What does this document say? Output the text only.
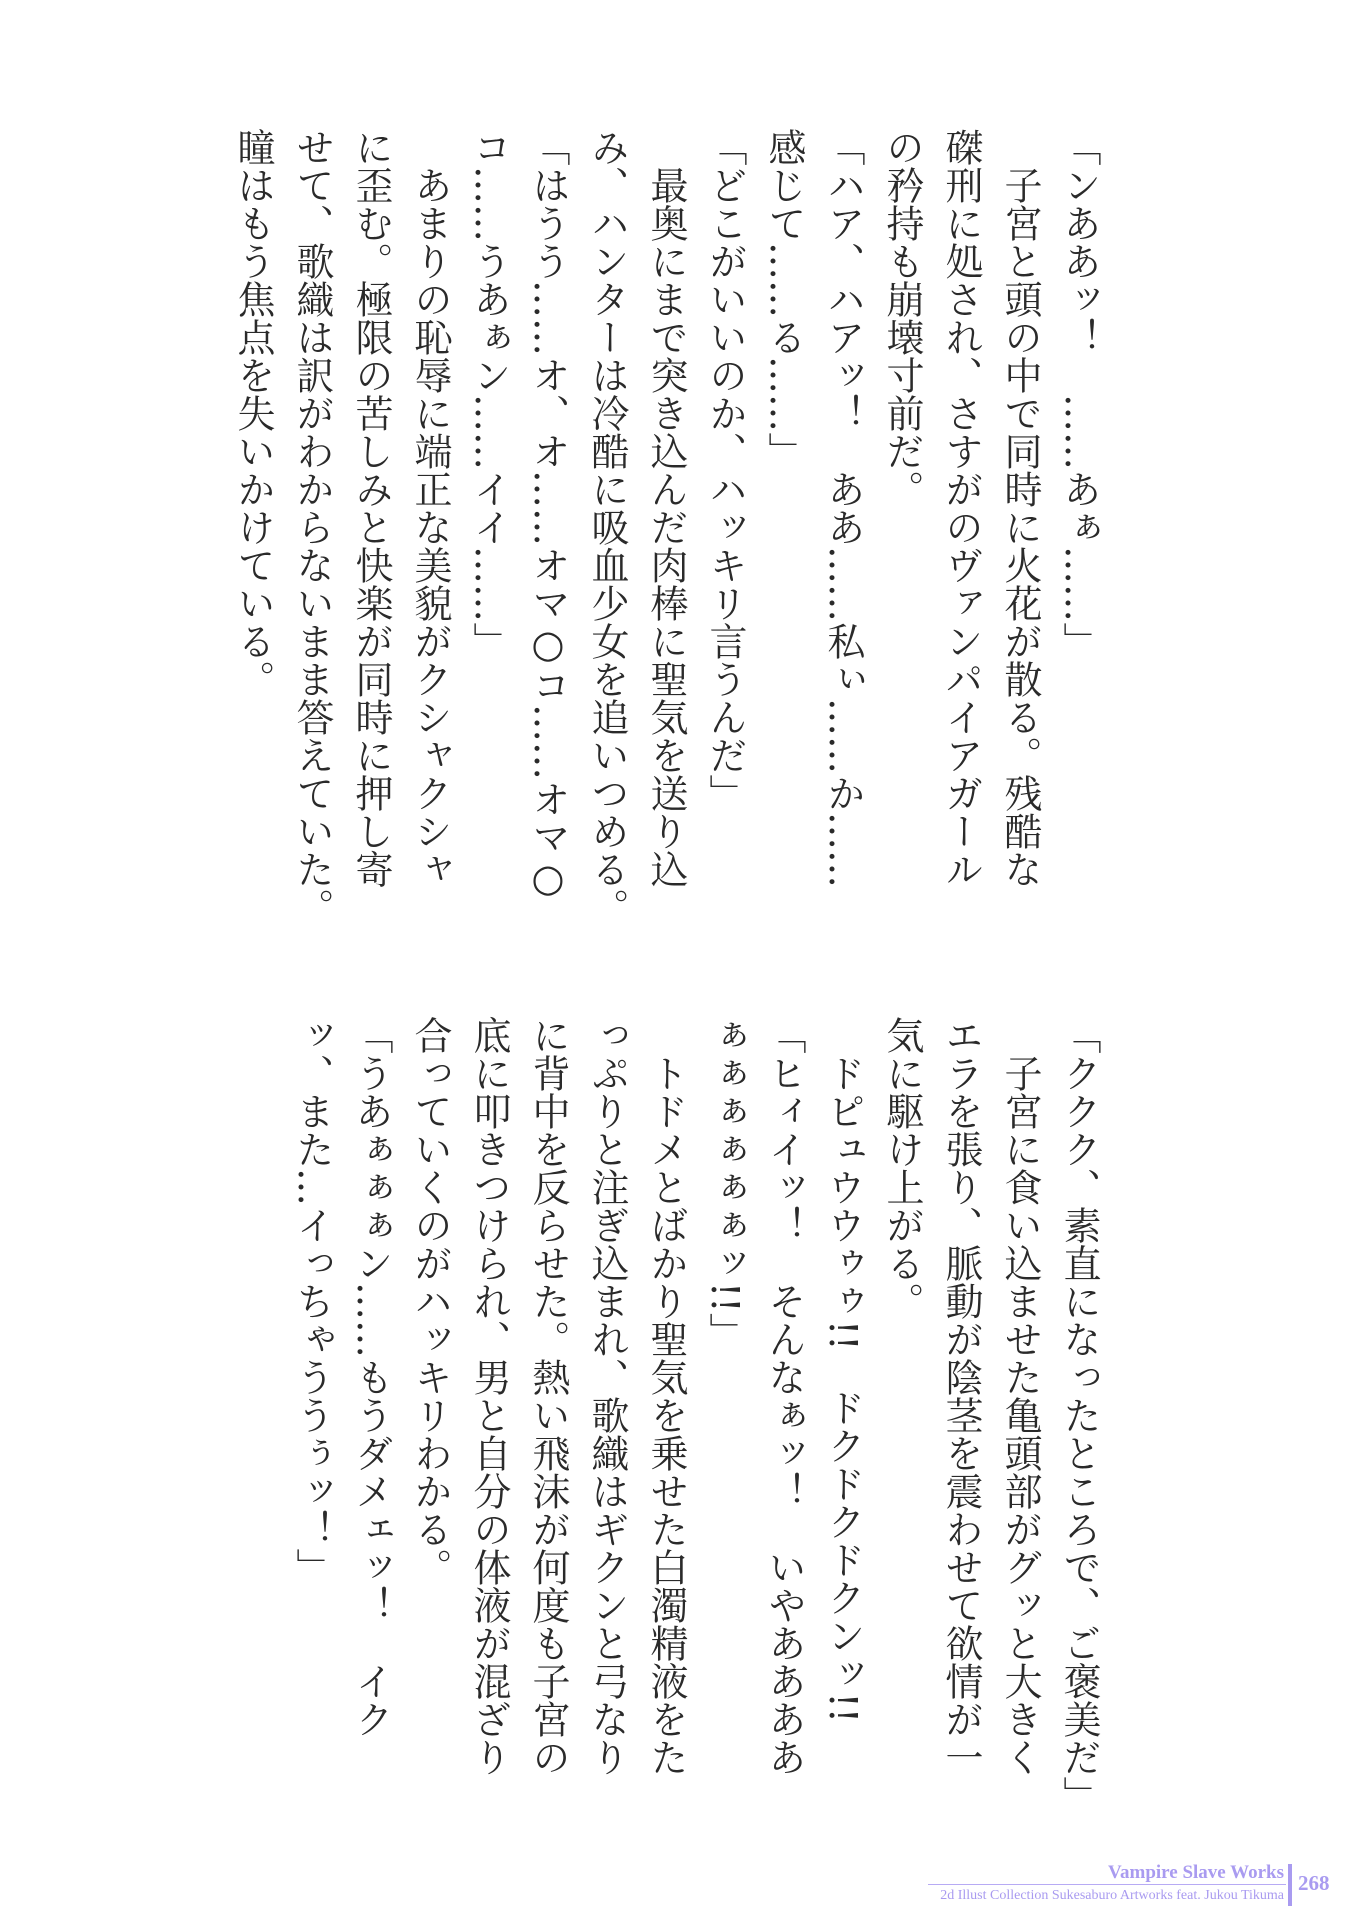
「ンああッ！　……あぁ……」
　子宮と頭の中で同時に火花が散る。残酷な
磔刑に処され、さすがのヴァンパイアガール
の矜持も崩壊寸前だ。
「ハア、ハアッ！　ああ……私ぃ……か……
感じて……る……」
「どこがいいのか、ハッキリ言うんだ」
　最奥にまで突き込んだ肉棒に聖気を送り込
み、ハンターは冷酷に吸血少女を追いつめる。
「はうう……オ、オ……オマ○コ……オマ○
コ……うあぁン……イイ……」
　あまりの恥辱に端正な美貌がクシャクシャ
に歪む。極限の苦しみと快楽が同時に押し寄
せて、歌織は訳がわからないまま答えていた。
瞳はもう焦点を失いかけている。
「ククク、素直になったところで、ご褒美だ」
　子宮に食い込ませた亀頭部がグッと大きく
エラを張り、脈動が陰茎を震わせて欲情が一
気に駆け上がる。
　ドピュウウゥゥ!!　ドクドクドクンッ!!
「ヒィイッ！　そんなぁッ！　いやああああ
ぁぁぁぁぁぁッ!!」
　トドメとばかり聖気を乗せた白濁精液をた
っぷりと注ぎ込まれ、歌織はギクンと弓なり
に背中を反らせた。熱い飛沫が何度も子宮の
底に叩きつけられ、男と自分の体液が混ざり
合っていくのがハッキリわかる。
「うあぁぁぁン……もうダメェッ！　イク
ッ、また…イっちゃううぅッ！」
Vampire Slave Works
2d Illust Collection Sukesaburo Artworks feat. Jukou Tikuma
268
